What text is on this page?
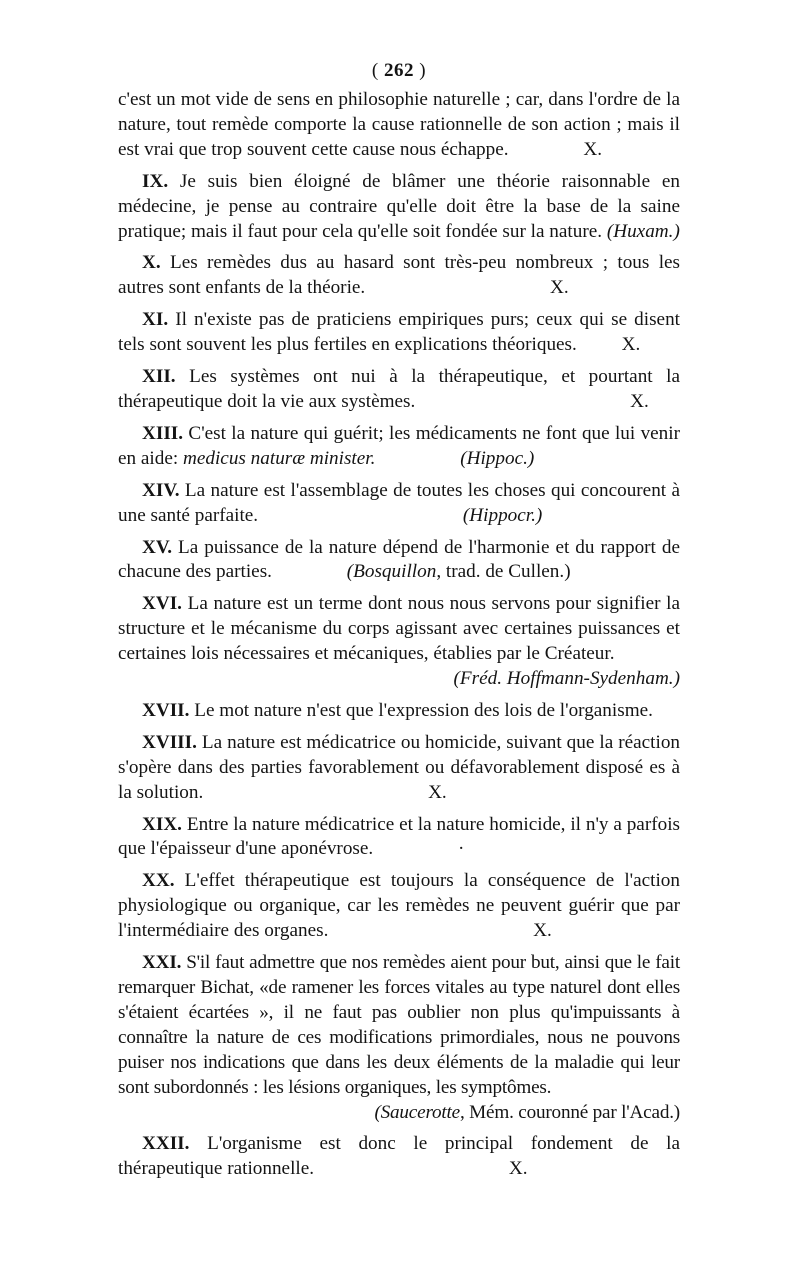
( 262 )

c'est un mot vide de sens en philosophie naturelle ; car, dans l'ordre de la nature, tout remède comporte la cause rationnelle de son action ; mais il est vrai que trop souvent cette cause nous échappe.	X.

IX. Je suis bien éloigné de blâmer une théorie raisonnable en médecine, je pense au contraire qu'elle doit être la base de la saine pratique; mais il faut pour cela qu'elle soit fondée sur la nature. (Huxam.)

X. Les remèdes dus au hasard sont très-peu nombreux ; tous les autres sont enfants de la théorie.	X.

XI. Il n'existe pas de praticiens empiriques purs; ceux qui se disent tels sont souvent les plus fertiles en explications théoriques. X.

XII. Les systèmes ont nui à la thérapeutique, et pourtant la thérapeutique doit la vie aux systèmes.	X.

XIII. C'est la nature qui guérit; les médicaments ne font que lui venir en aide: medicus naturæ minister.	(Hippoc.)

XIV. La nature est l'assemblage de toutes les choses qui concourent à une santé parfaite.	(Hippocr.)

XV. La puissance de la nature dépend de l'harmonie et du rapport de chacune des parties.	(Bosquillon, trad. de Cullen.)

XVI. La nature est un terme dont nous nous servons pour signifier la structure et le mécanisme du corps agissant avec certaines puissances et certaines lois nécessaires et mécaniques, établies par le Créateur.
(Fréd. Hoffmann-Sydenham.)

XVII. Le mot nature n'est que l'expression des lois de l'organisme.

XVIII. La nature est médicatrice ou homicide, suivant que la réaction s'opère dans des parties favorablement ou défavorablement disposé es à la solution.	X.

XIX. Entre la nature médicatrice et la nature homicide, il n'y a parfois que l'épaisseur d'une aponévrose.	·

XX. L'effet thérapeutique est toujours la conséquence de l'action physiologique ou organique, car les remèdes ne peuvent guérir que par l'intermédiaire des organes.	X.

XXI. S'il faut admettre que nos remèdes aient pour but, ainsi que le fait remarquer Bichat, «de ramener les forces vitales au type naturel dont elles s'étaient écartées », il ne faut pas oublier non plus qu'impuissants à connaître la nature de ces modifications primordiales, nous ne pouvons puiser nos indications que dans les deux éléments de la maladie qui leur sont subordonnés : les lésions organiques, les symptômes.
(Saucerotte, Mém. couronné par l'Acad.)

XXII. L'organisme est donc le principal fondement de la thérapeutique rationnelle.	X.
